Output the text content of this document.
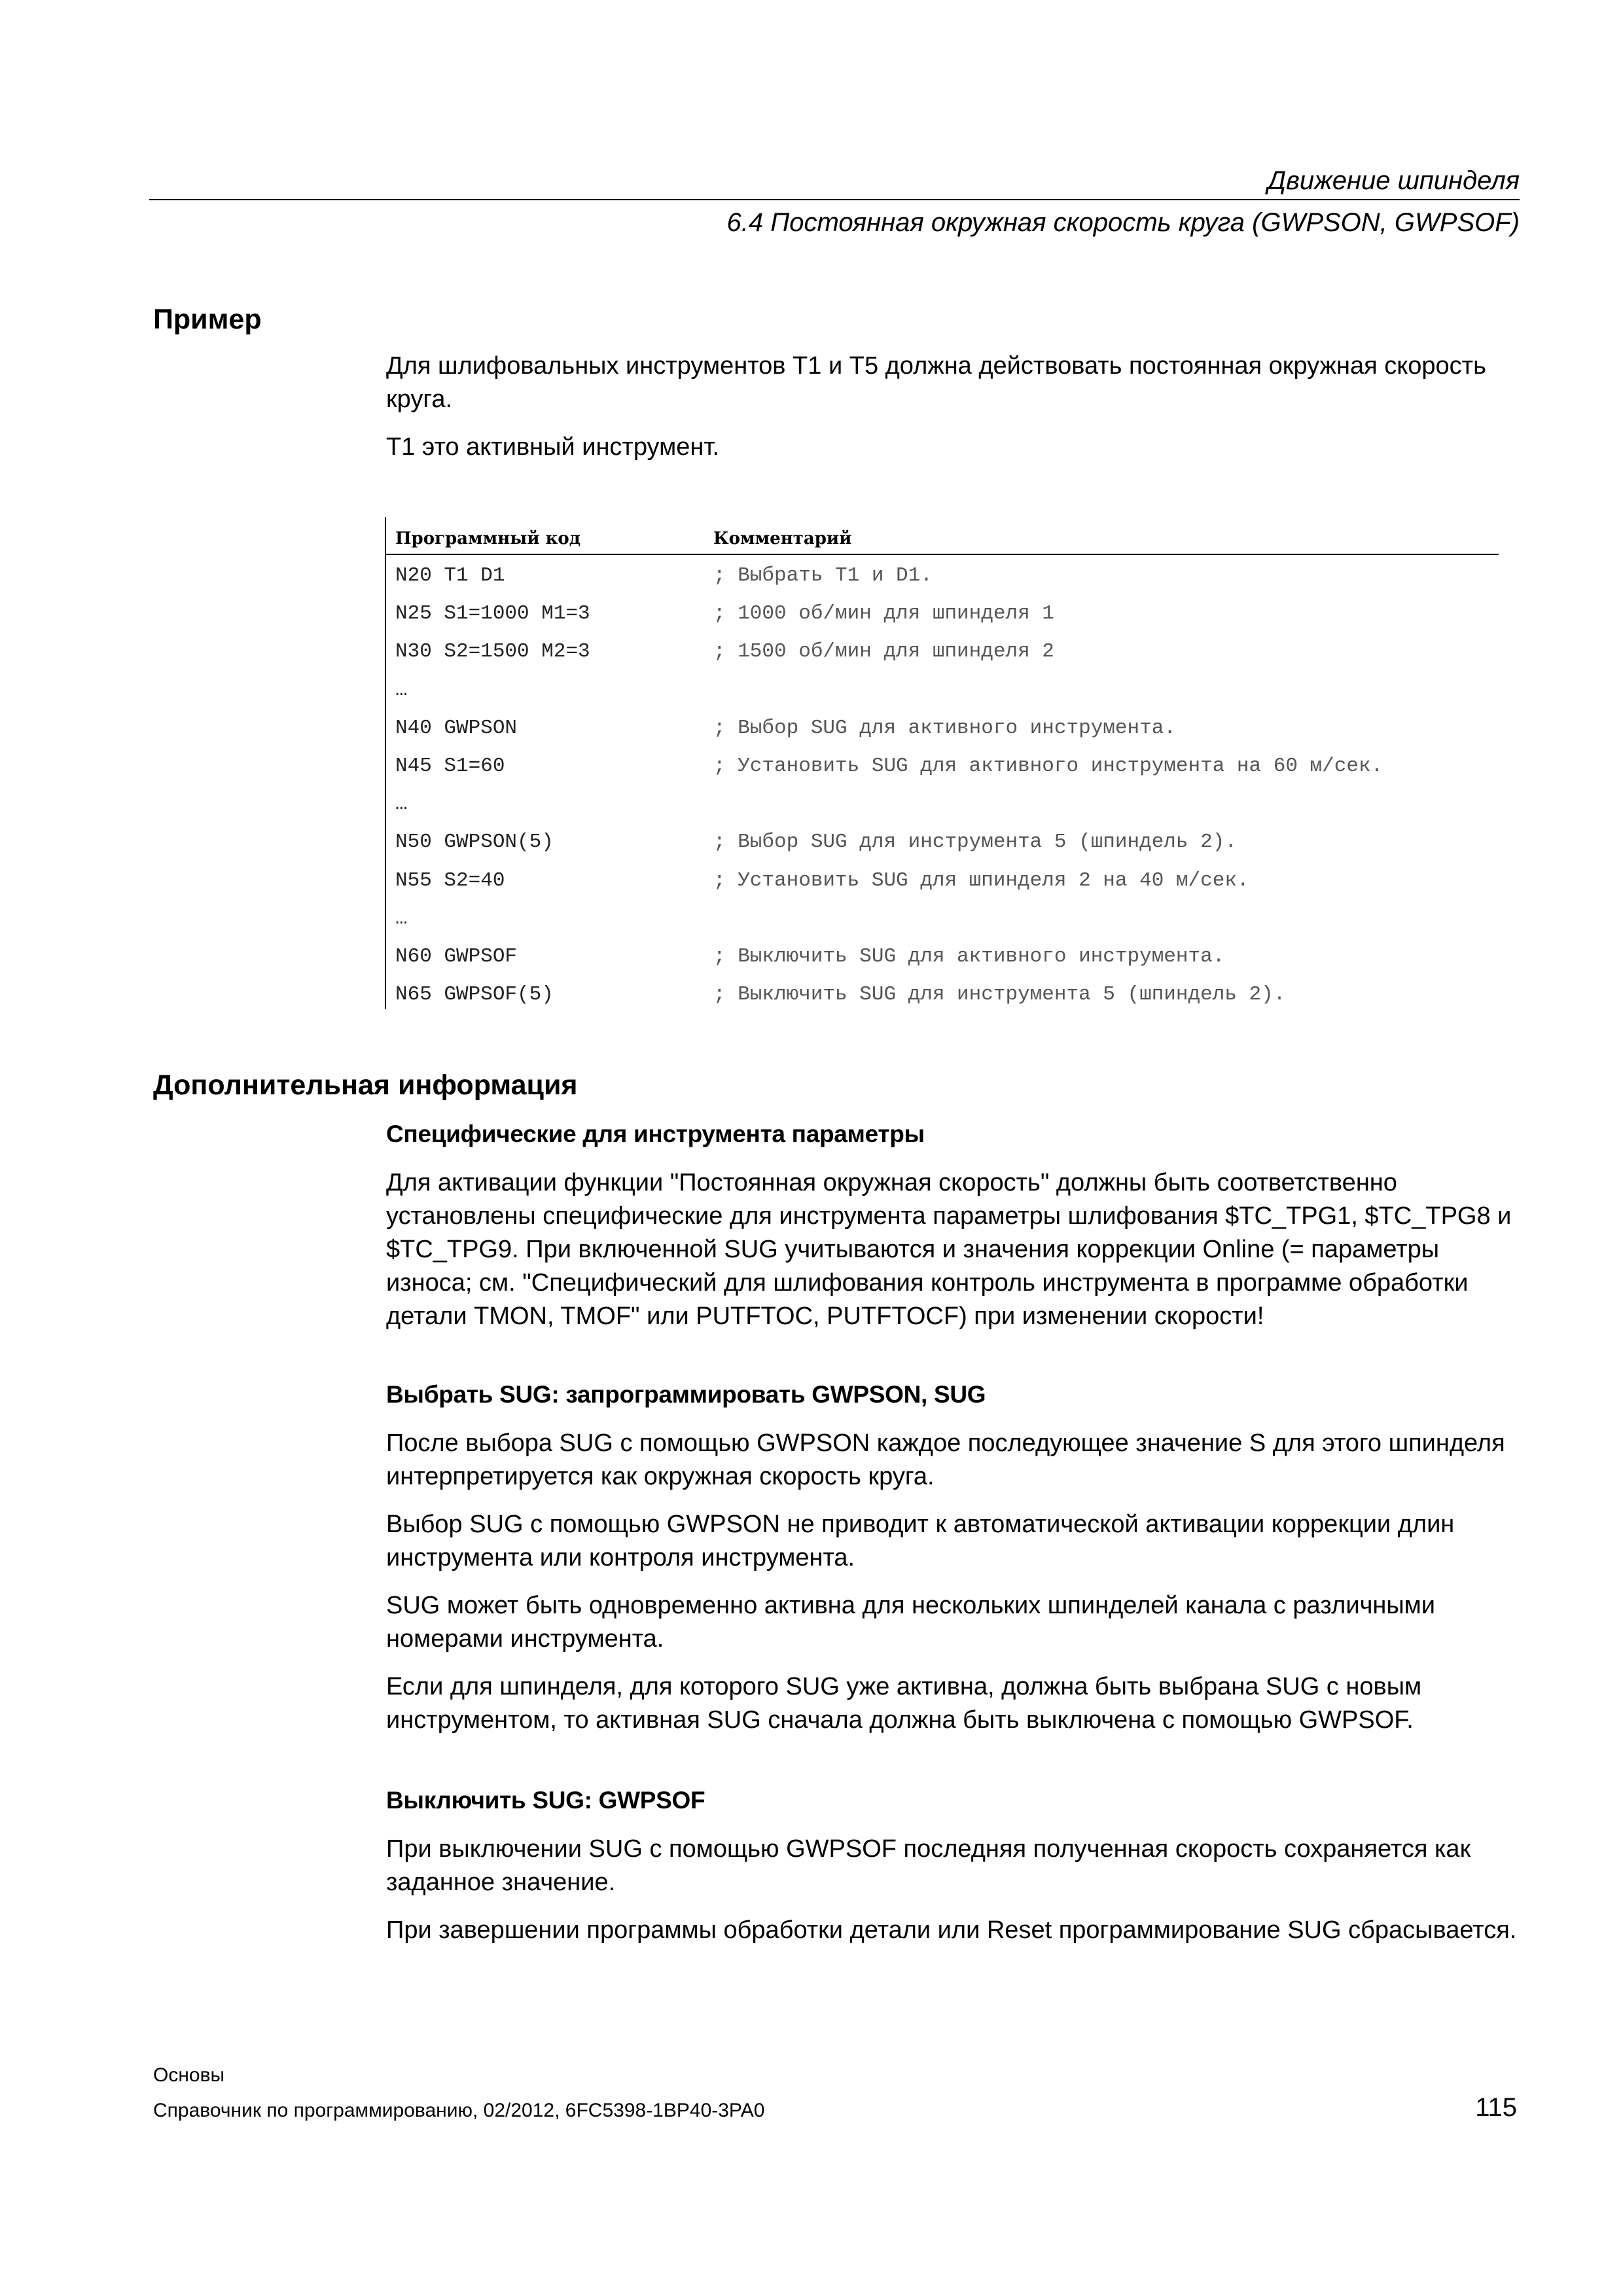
Движение шпинделя
6.4 Постоянная окружная скорость круга (GWPSON, GWPSOF)
Пример
Для шлифовальных инструментов T1 и T5 должна действовать постоянная окружная скорость круга.
T1 это активный инструмент.
Программный код	Комментарий
N20 T1 D1	; Выбрать T1 и D1.
N25 S1=1000 M1=3	; 1000 об/мин для шпинделя 1
N30 S2=1500 M2=3	; 1500 об/мин для шпинделя 2
…
N40 GWPSON	; Выбор SUG для активного инструмента.
N45 S1=60	; Установить SUG для активного инструмента на 60 м/сек.
…
N50 GWPSON(5)	; Выбор SUG для инструмента 5 (шпиндель 2).
N55 S2=40	; Установить SUG для шпинделя 2 на 40 м/сек.
…
N60 GWPSOF	; Выключить SUG для активного инструмента.
N65 GWPSOF(5)	; Выключить SUG для инструмента 5 (шпиндель 2).
Дополнительная информация
Специфические для инструмента параметры
Для активации функции "Постоянная окружная скорость" должны быть соответственно установлены специфические для инструмента параметры шлифования $TC_TPG1, $TC_TPG8 и $TC_TPG9. При включенной SUG учитываются и значения коррекции Online (= параметры износа; см. "Специфический для шлифования контроль инструмента в программе обработки детали TMON, TMOF" или PUTFTOC, PUTFTOCF) при изменении скорости!
Выбрать SUG: запрограммировать GWPSON, SUG
После выбора SUG с помощью GWPSON каждое последующее значение S для этого шпинделя интерпретируется как окружная скорость круга.
Выбор SUG с помощью GWPSON не приводит к автоматической активации коррекции длин инструмента или контроля инструмента.
SUG может быть одновременно активна для нескольких шпинделей канала с различными номерами инструмента.
Если для шпинделя, для которого SUG уже активна, должна быть выбрана SUG с новым инструментом, то активная SUG сначала должна быть выключена с помощью GWPSOF.
Выключить SUG: GWPSOF
При выключении SUG с помощью GWPSOF последняя полученная скорость сохраняется как заданное значение.
При завершении программы обработки детали или Reset программирование SUG сбрасывается.
Основы
Справочник по программированию, 02/2012, 6FC5398-1BP40-3PA0	115
